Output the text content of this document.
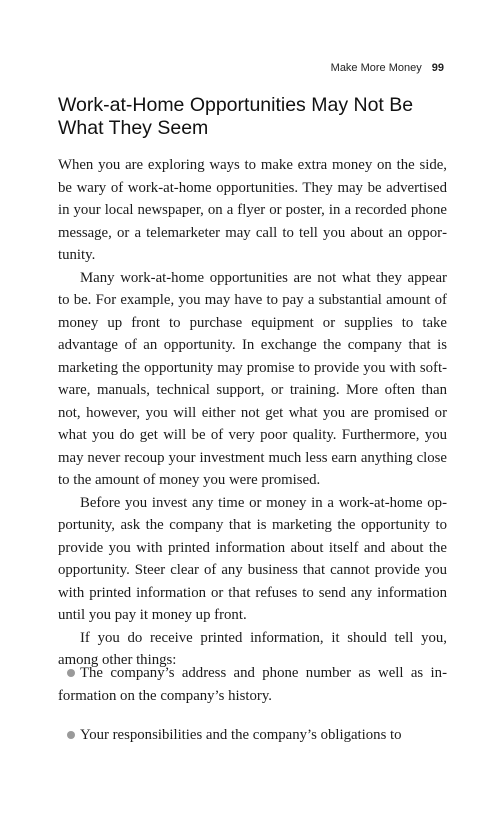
Make More Money 99
Work-at-Home Opportunities May Not Be What They Seem

When you are exploring ways to make extra money on the side, be wary of work-at-home opportunities. They may be advertised in your local newspaper, on a flyer or poster, in a recorded phone message, or a telemarketer may call to tell you about an opportunity.

Many work-at-home opportunities are not what they appear to be. For example, you may have to pay a substantial amount of money up front to purchase equipment or supplies to take advantage of an opportunity. In exchange the company that is marketing the opportunity may promise to provide you with software, manuals, technical support, or training. More often than not, however, you will either not get what you are promised or what you do get will be of very poor quality. Furthermore, you may never recoup your investment much less earn anything close to the amount of money you were promised.

Before you invest any time or money in a work-at-home opportunity, ask the company that is marketing the opportunity to provide you with printed information about itself and about the opportunity. Steer clear of any business that cannot provide you with printed information or that refuses to send any information until you pay it money up front.

If you do receive printed information, it should tell you, among other things:

The company’s address and phone number as well as information on the company’s history.
Your responsibilities and the company’s obligations to
